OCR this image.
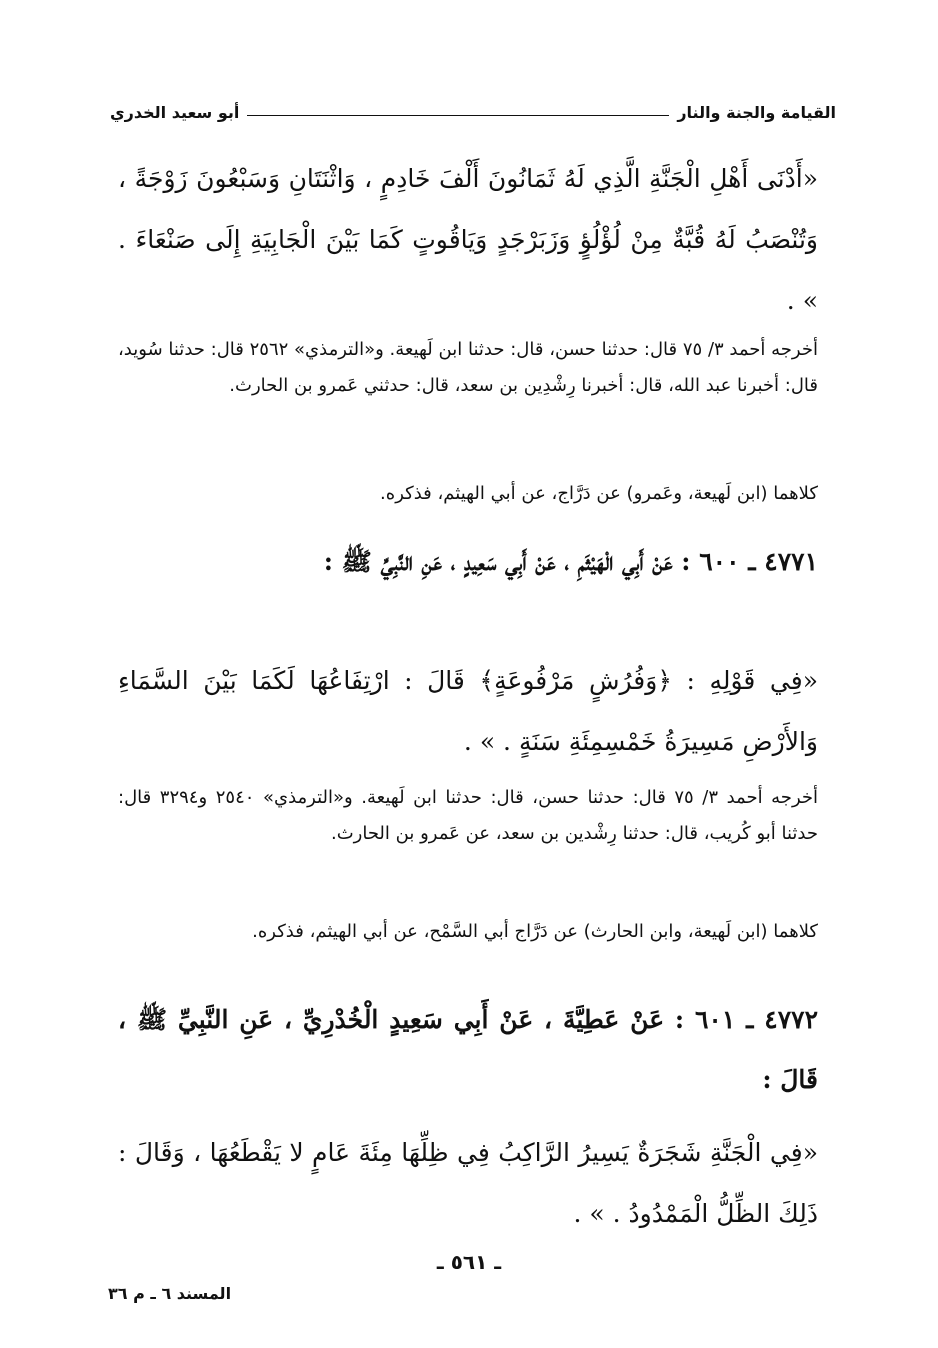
القيامة والجنة والنار
أبو سعيد الخدري
«أَدْنَى أَهْلِ الْجَنَّةِ الَّذِي لَهُ ثَمَانُونَ أَلْفَ خَادِمٍ ، وَاثْنَتَانِ وَسَبْعُونَ زَوْجَةً ، وَتُنْصَبُ لَهُ قُبَّةٌ مِنْ لُؤْلُؤٍ وَزَبَرْجَدٍ وَيَاقُوتٍ كَمَا بَيْنَ الْجَابِيَةِ إِلَى صَنْعَاءَ . » .
أخرجه أحمد ٣/ ٧٥ قال: حدثنا حسن، قال: حدثنا ابن لَهيعة. و«الترمذي» ٢٥٦٢ قال: حدثنا سُويد، قال: أخبرنا عبد الله، قال: أخبرنا رِشْدِين بن سعد، قال: حدثني عَمرو بن الحارث.
كلاهما (ابن لَهيعة، وعَمرو) عن دَرَّاج، عن أبي الهيثم، فذكره.
٤٧٧١ ـ ٦٠٠ : عَنْ أَبِي الْهَيْثَمِ ، عَنْ أَبِي سَعِيدٍ ، عَنِ النَّبِيِّ ﷺ :
«فِي قَوْلِهِ : ﴿وَفُرُشٍ مَرْفُوعَةٍ﴾ قَالَ : ارْتِفَاعُهَا لَكَمَا بَيْنَ السَّمَاءِ وَالأَرْضِ مَسِيرَةُ خَمْسِمِئَةِ سَنَةٍ . » .
أخرجه أحمد ٣/ ٧٥ قال: حدثنا حسن، قال: حدثنا ابن لَهيعة. و«الترمذي» ٢٥٤٠ و٣٢٩٤ قال: حدثنا أبو كُريب، قال: حدثنا رِشْدين بن سعد، عن عَمرو بن الحارث.
كلاهما (ابن لَهيعة، وابن الحارث) عن دَرَّاج أبي السَّمْح، عن أبي الهيثم، فذكره.
٤٧٧٢ ـ ٦٠١ : عَنْ عَطِيَّةَ ، عَنْ أَبِي سَعِيدٍ الْخُدْرِيِّ ، عَنِ النَّبِيِّ ﷺ ، قَالَ :
«فِي الْجَنَّةِ شَجَرَةٌ يَسِيرُ الرَّاكِبُ فِي ظِلِّهَا مِئَةَ عَامٍ لا يَقْطَعُهَا ، وَقَالَ : ذَلِكَ الظِّلُّ الْمَمْدُودُ . » .
ـ ٥٦١ ـ
المسند ٦ ـ م ٣٦
